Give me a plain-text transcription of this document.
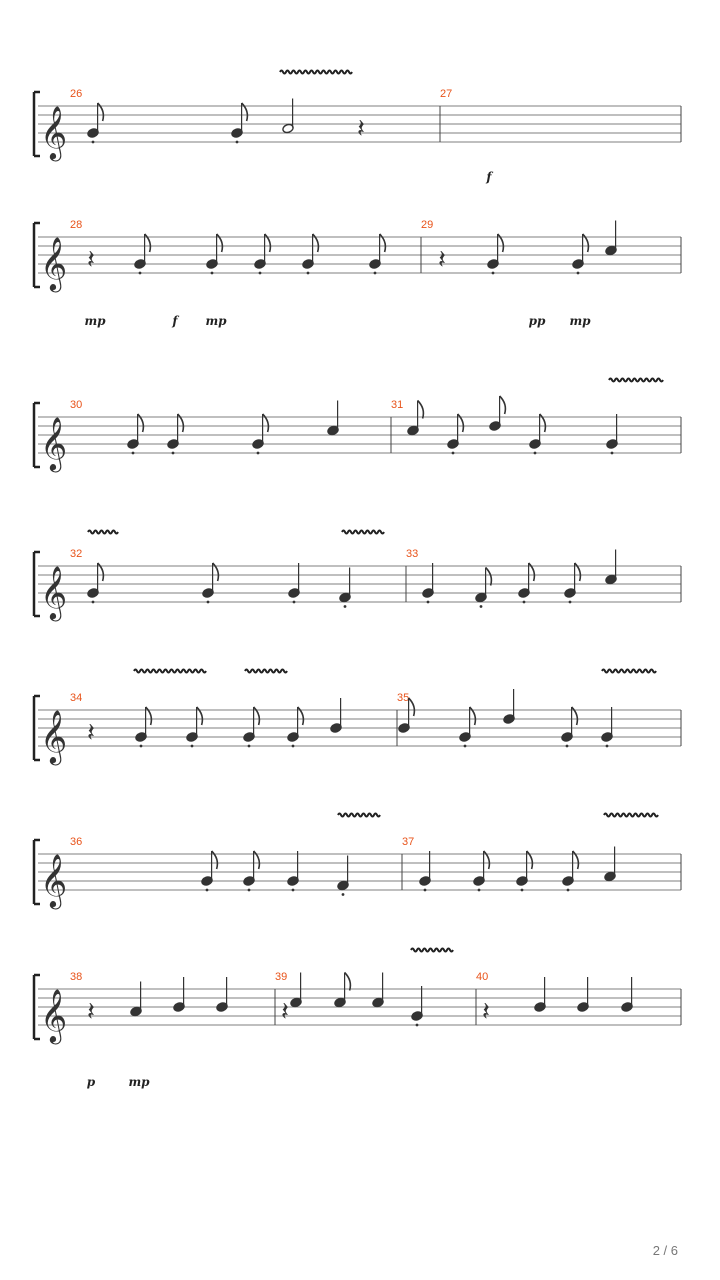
𝄞
26	27
f
𝄽
𝄞
28	29
mp	f mp	pp mp
𝄽	𝄽
𝄞
30	31
𝄞
32	33
𝄞
34	35
𝄽
𝄞
36	37
𝄞
38	39	40
p	mp
𝄽	𝄽	𝄽
2 / 6
